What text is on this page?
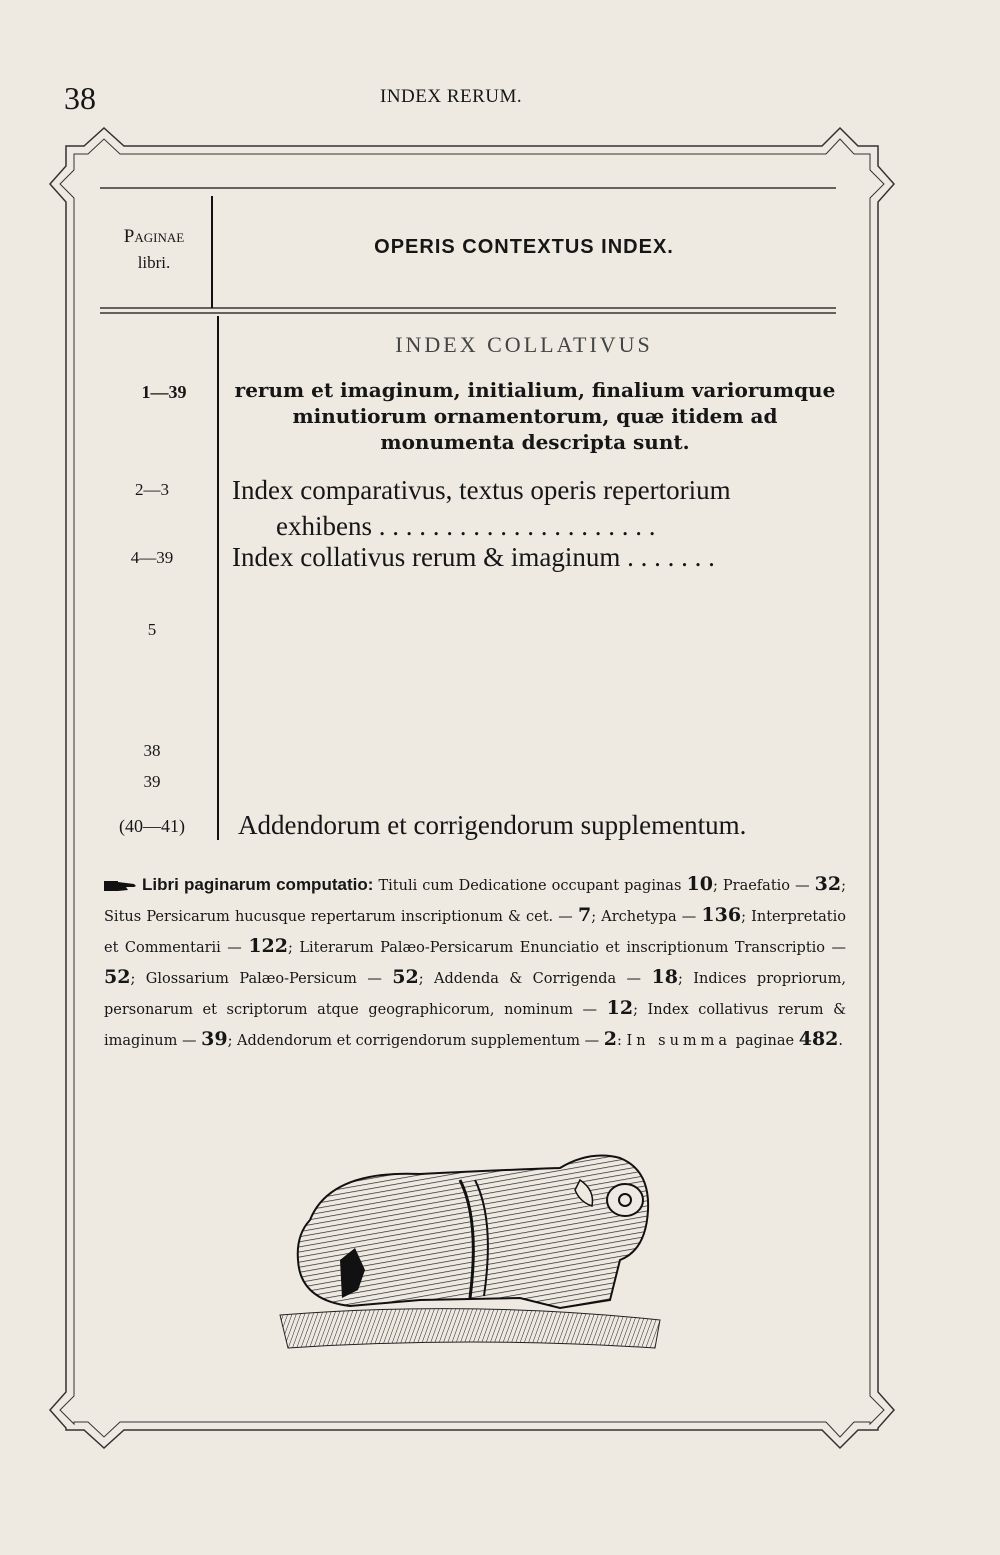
38	INDEX RERUM.
Paginae
libri.
OPERIS CONTEXTUS INDEX.
INDEX COLLATIVUS
1—39	rerum et imaginum, initialium, finalium variorumque minutiorum ornamentorum, quæ itidem ad monumenta descripta sunt.
2—3	Index comparativus, textus operis repertorium
exhibens . . . . . . . . . . . . . . . . . . . . .
4—39	Index collativus rerum & imaginum . . . . . . .
5
38
39
(40—41)	Addendorum et corrigendorum supplementum.
Libri paginarum computatio: Tituli cum Dedicatione occupant paginas 10; Praefatio — 32; Situs Persicarum hucusque repertarum inscriptionum & cet. — 7; Archetypa — 136; Interpretatio et Commentarii — 122; Literarum Palæo-Persicarum Enunciatio et inscriptionum Transcriptio — 52; Glossarium Palæo-Persicum — 52; Addenda & Corrigenda — 18; Indices propriorum, personarum et scriptorum atque geographicorum, nominum — 12; Index collativus rerum & imaginum — 39; Addendorum et corrigendorum supplementum — 2: In summa paginae 482.
